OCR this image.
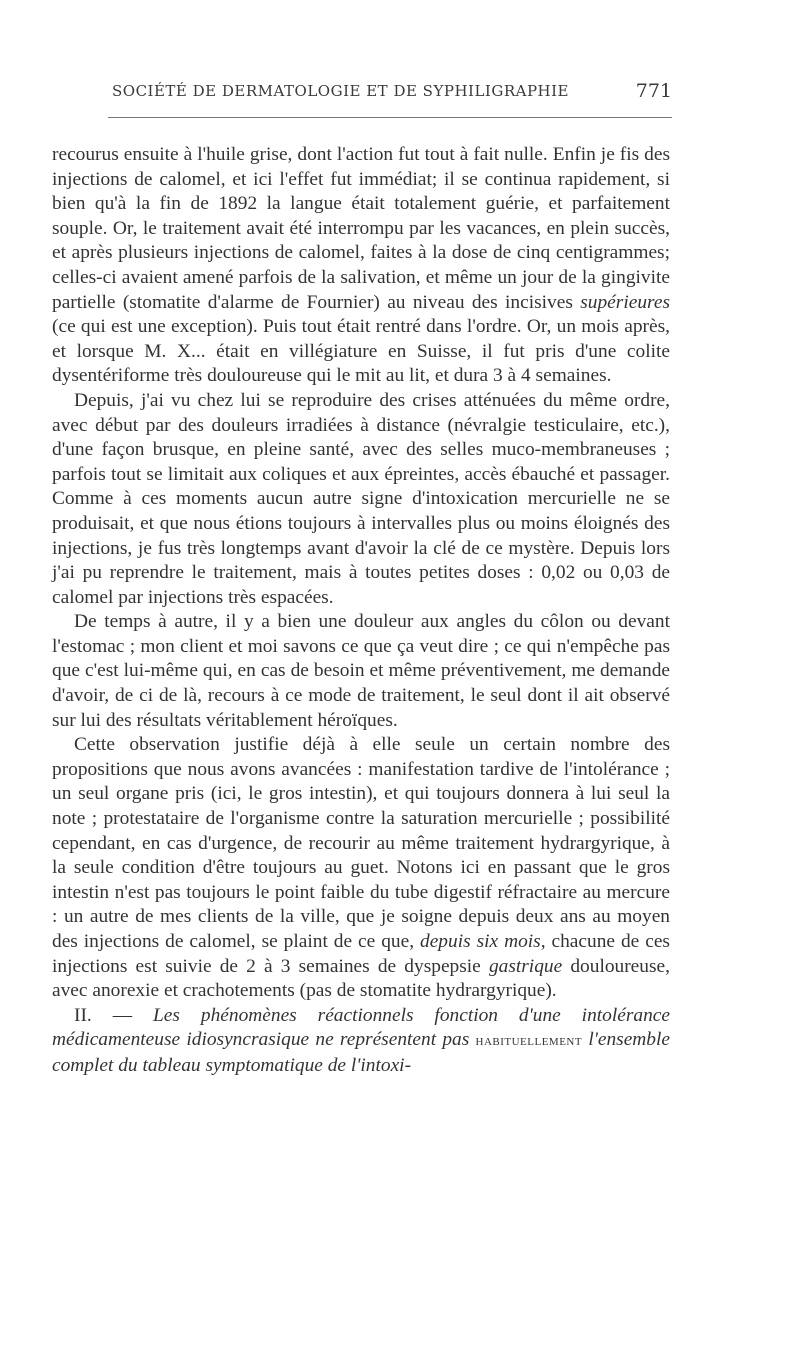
SOCIÉTÉ DE DERMATOLOGIE ET DE SYPHILIGRAPHIE	771

recourus ensuite à l'huile grise, dont l'action fut tout à fait nulle. Enfin je fis des injections de calomel, et ici l'effet fut immédiat; il se continua rapidement, si bien qu'à la fin de 1892 la langue était totalement guérie, et parfaitement souple. Or, le traitement avait été interrompu par les vacances, en plein succès, et après plusieurs injections de calomel, faites à la dose de cinq centigrammes; celles-ci avaient amené parfois de la salivation, et même un jour de la gingivite partielle (stomatite d'alarme de Fournier) au niveau des incisives supérieures (ce qui est une exception). Puis tout était rentré dans l'ordre. Or, un mois après, et lorsque M. X... était en villégiature en Suisse, il fut pris d'une colite dysentériforme très douloureuse qui le mit au lit, et dura 3 à 4 semaines.

Depuis, j'ai vu chez lui se reproduire des crises atténuées du même ordre, avec début par des douleurs irradiées à distance (névralgie testiculaire, etc.), d'une façon brusque, en pleine santé, avec des selles muco-membraneuses ; parfois tout se limitait aux coliques et aux épreintes, accès ébauché et passager. Comme à ces moments aucun autre signe d'intoxication mercurielle ne se produisait, et que nous étions toujours à intervalles plus ou moins éloignés des injections, je fus très longtemps avant d'avoir la clé de ce mystère. Depuis lors j'ai pu reprendre le traitement, mais à toutes petites doses : 0,02 ou 0,03 de calomel par injections très espacées.

De temps à autre, il y a bien une douleur aux angles du côlon ou devant l'estomac ; mon client et moi savons ce que ça veut dire ; ce qui n'empêche pas que c'est lui-même qui, en cas de besoin et même préventivement, me demande d'avoir, de ci de là, recours à ce mode de traitement, le seul dont il ait observé sur lui des résultats véritablement héroïques.

Cette observation justifie déjà à elle seule un certain nombre des propositions que nous avons avancées : manifestation tardive de l'intolérance ; un seul organe pris (ici, le gros intestin), et qui toujours donnera à lui seul la note ; protestataire de l'organisme contre la saturation mercurielle ; possibilité cependant, en cas d'urgence, de recourir au même traitement hydrargyrique, à la seule condition d'être toujours au guet. Notons ici en passant que le gros intestin n'est pas toujours le point faible du tube digestif réfractaire au mercure : un autre de mes clients de la ville, que je soigne depuis deux ans au moyen des injections de calomel, se plaint de ce que, depuis six mois, chacune de ces injections est suivie de 2 à 3 semaines de dyspepsie gastrique douloureuse, avec anorexie et crachotements (pas de stomatite hydrargyrique).

II. — Les phénomènes réactionnels fonction d'une intolérance médicamenteuse idiosyncrasique ne représentent pas habituellement l'ensemble complet du tableau symptomatique de l'intoxi-
